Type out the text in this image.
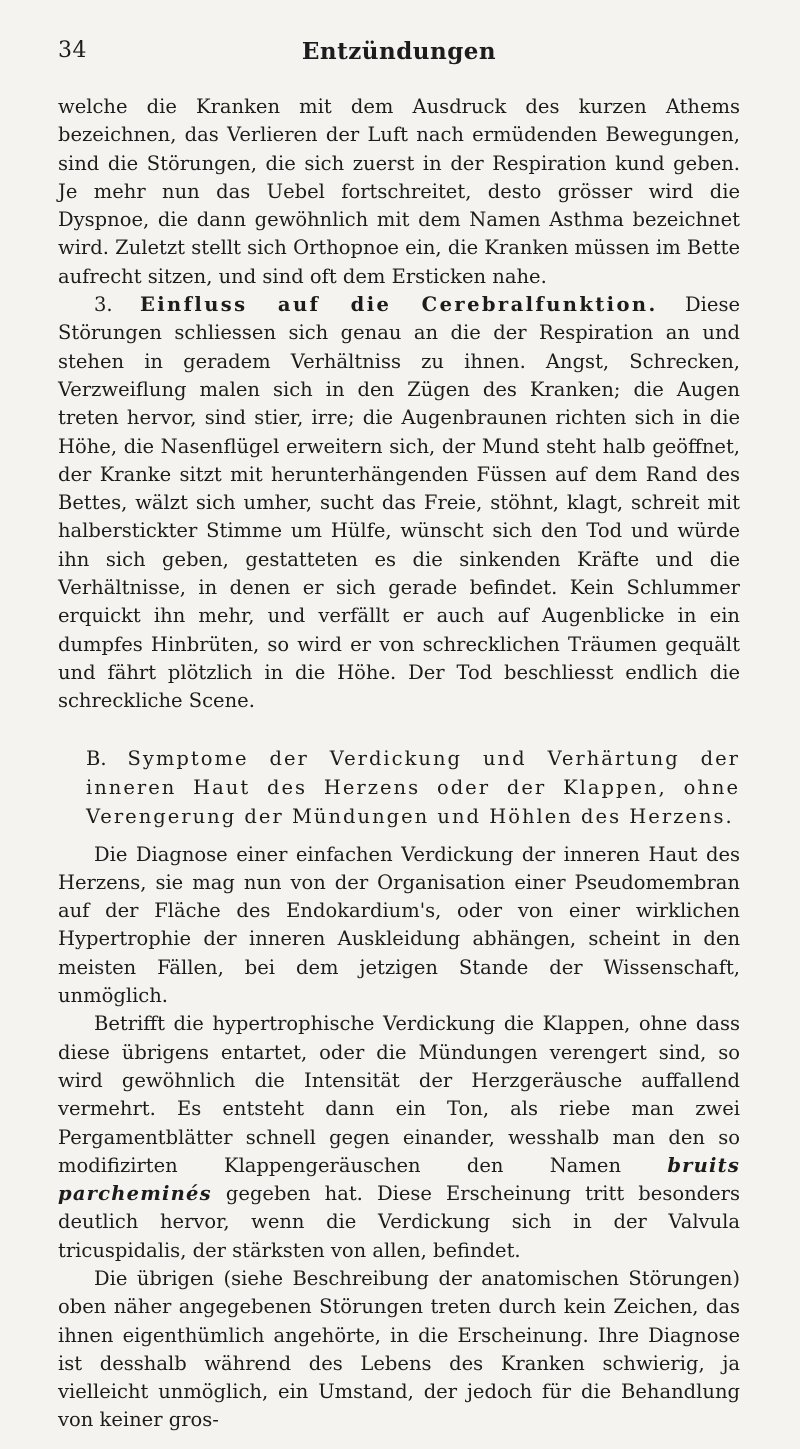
34	Entzündungen

welche die Kranken mit dem Ausdruck des kurzen Athems bezeichnen, das Verlieren der Luft nach ermüdenden Bewegungen, sind die Störungen, die sich zuerst in der Respiration kund geben. Je mehr nun das Uebel fortschreitet, desto grösser wird die Dyspnoe, die dann gewöhnlich mit dem Namen Asthma bezeichnet wird. Zuletzt stellt sich Orthopnoe ein, die Kranken müssen im Bette aufrecht sitzen, und sind oft dem Ersticken nahe.

3. Einfluss auf die Cerebralfunktion. Diese Störungen schliessen sich genau an die der Respiration an und stehen in geradem Verhältniss zu ihnen. Angst, Schrecken, Verzweiflung malen sich in den Zügen des Kranken; die Augen treten hervor, sind stier, irre; die Augenbraunen richten sich in die Höhe, die Nasenflügel erweitern sich, der Mund steht halb geöffnet, der Kranke sitzt mit herunterhängenden Füssen auf dem Rand des Bettes, wälzt sich umher, sucht das Freie, stöhnt, klagt, schreit mit halberstickter Stimme um Hülfe, wünscht sich den Tod und würde ihn sich geben, gestatteten es die sinkenden Kräfte und die Verhältnisse, in denen er sich gerade befindet. Kein Schlummer erquickt ihn mehr, und verfällt er auch auf Augenblicke in ein dumpfes Hinbrüten, so wird er von schrecklichen Träumen gequält und fährt plötzlich in die Höhe. Der Tod beschliesst endlich die schreckliche Scene.

B. Symptome der Verdickung und Verhärtung der inneren Haut des Herzens oder der Klappen, ohne Verengerung der Mündungen und Höhlen des Herzens.

Die Diagnose einer einfachen Verdickung der inneren Haut des Herzens, sie mag nun von der Organisation einer Pseudomembran auf der Fläche des Endokardium's, oder von einer wirklichen Hypertrophie der inneren Auskleidung abhängen, scheint in den meisten Fällen, bei dem jetzigen Stande der Wissenschaft, unmöglich.

Betrifft die hypertrophische Verdickung die Klappen, ohne dass diese übrigens entartet, oder die Mündungen verengert sind, so wird gewöhnlich die Intensität der Herzgeräusche auffallend vermehrt. Es entsteht dann ein Ton, als riebe man zwei Pergamentblätter schnell gegen einander, wesshalb man den so modifizirten Klappengeräuschen den Namen bruits parcheminés gegeben hat. Diese Erscheinung tritt besonders deutlich hervor, wenn die Verdickung sich in der Valvula tricuspidalis, der stärksten von allen, befindet.

Die übrigen (siehe Beschreibung der anatomischen Störungen) oben näher angegebenen Störungen treten durch kein Zeichen, das ihnen eigenthümlich angehörte, in die Erscheinung. Ihre Diagnose ist desshalb während des Lebens des Kranken schwierig, ja vielleicht unmöglich, ein Umstand, der jedoch für die Behandlung von keiner gros-
